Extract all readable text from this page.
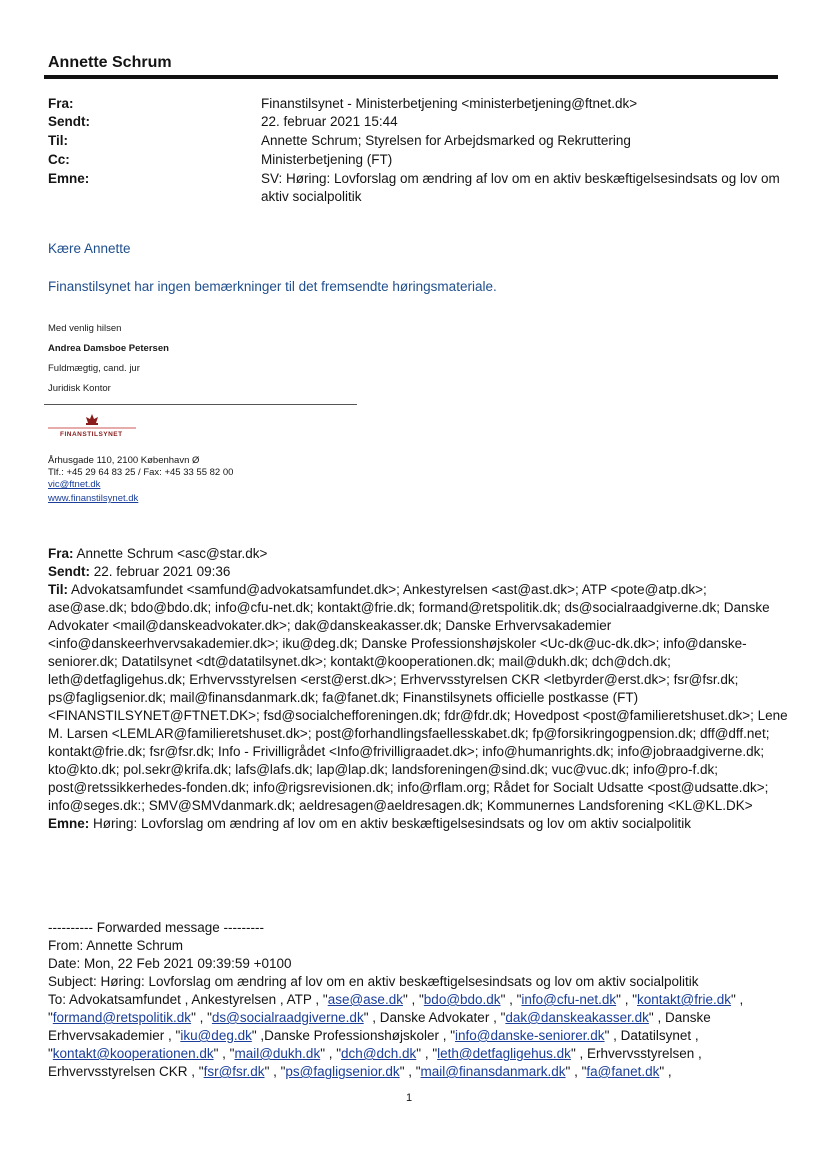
Annette Schrum
Fra:	Finanstilsynet - Ministerbetjening <ministerbetjening@ftnet.dk>
Sendt:	22. februar 2021 15:44
Til:	Annette Schrum; Styrelsen for Arbejdsmarked og Rekruttering
Cc:	Ministerbetjening (FT)
Emne:	SV: Høring: Lovforslag om ændring af lov om en aktiv beskæftigelsesindsats og lov om aktiv socialpolitik
Kære Annette
Finanstilsynet har ingen bemærkninger til det fremsendte høringsmateriale.
Med venlig hilsen
Andrea Damsboe Petersen
Fuldmægtig, cand. jur
Juridisk Kontor
FINANSTILSYNET
Århusgade 110, 2100 København Ø
Tlf.: +45 29 64 83 25 / Fax: +45 33 55 82 00
vic@ftnet.dk
www.finanstilsynet.dk
Fra: Annette Schrum <asc@star.dk>
Sendt: 22. februar 2021 09:36
Til: Advokatsamfundet <samfund@advokatsamfundet.dk>; Ankestyrelsen <ast@ast.dk>; ATP <pote@atp.dk>; ase@ase.dk; bdo@bdo.dk; info@cfu-net.dk; kontakt@frie.dk; formand@retspolitik.dk; ds@socialraadgiverne.dk; Danske Advokater <mail@danskeadvokater.dk>; dak@danskeakasser.dk; Danske Erhvervsakademier <info@danskeerhvervsakademier.dk>; iku@deg.dk; Danske Professionshøjskoler <Uc-dk@uc-dk.dk>; info@danske-seniorer.dk; Datatilsynet <dt@datatilsynet.dk>; kontakt@kooperationen.dk; mail@dukh.dk; dch@dch.dk; leth@detfagligehus.dk; Erhvervsstyrelsen <erst@erst.dk>; Erhvervsstyrelsen CKR <letbyrder@erst.dk>; fsr@fsr.dk; ps@fagligsenior.dk; mail@finansdanmark.dk; fa@fanet.dk; Finanstilsynets officielle postkasse (FT) <FINANSTILSYNET@FTNET.DK>; fsd@socialchefforeningen.dk; fdr@fdr.dk; Hovedpost <post@familieretshuset.dk>; Lene M. Larsen <LEMLAR@familieretshuset.dk>; post@forhandlingsfaellesskabet.dk; fp@forsikringogpension.dk; dff@dff.net; kontakt@frie.dk; fsr@fsr.dk; Info - Frivilligrådet <Info@frivilligraadet.dk>; info@humanrights.dk; info@jobraadgiverne.dk; kto@kto.dk; pol.sekr@krifa.dk; lafs@lafs.dk; lap@lap.dk; landsforeningen@sind.dk; vuc@vuc.dk; info@pro-f.dk; post@retssikkerhedes-fonden.dk; info@rigsrevisionen.dk; info@rflam.org; Rådet for Socialt Udsatte <post@udsatte.dk>; info@seges.dk:; SMV@SMVdanmark.dk; aeldresagen@aeldresagen.dk; Kommunernes Landsforening <KL@KL.DK>
Emne: Høring: Lovforslag om ændring af lov om en aktiv beskæftigelsesindsats og lov om aktiv socialpolitik
---------- Forwarded message ---------
From: Annette Schrum
Date: Mon, 22 Feb 2021 09:39:59 +0100
Subject: Høring: Lovforslag om ændring af lov om en aktiv beskæftigelsesindsats og lov om aktiv socialpolitik
To: Advokatsamfundet , Ankestyrelsen , ATP , "ase@ase.dk" , "bdo@bdo.dk" , "info@cfu-net.dk" , "kontakt@frie.dk" , "formand@retspolitik.dk" , "ds@socialraadgiverne.dk" , Danske Advokater , "dak@danskeakasser.dk" , Danske Erhvervsakademier , "iku@deg.dk" ,Danske Professionshøjskoler , "info@danske-seniorer.dk" , Datatilsynet , "kontakt@kooperationen.dk" , "mail@dukh.dk" , "dch@dch.dk" , "leth@detfagligehus.dk" , Erhvervsstyrelsen , Erhvervsstyrelsen CKR , "fsr@fsr.dk" , "ps@fagligsenior.dk" , "mail@finansdanmark.dk" , "fa@fanet.dk" ,
1
